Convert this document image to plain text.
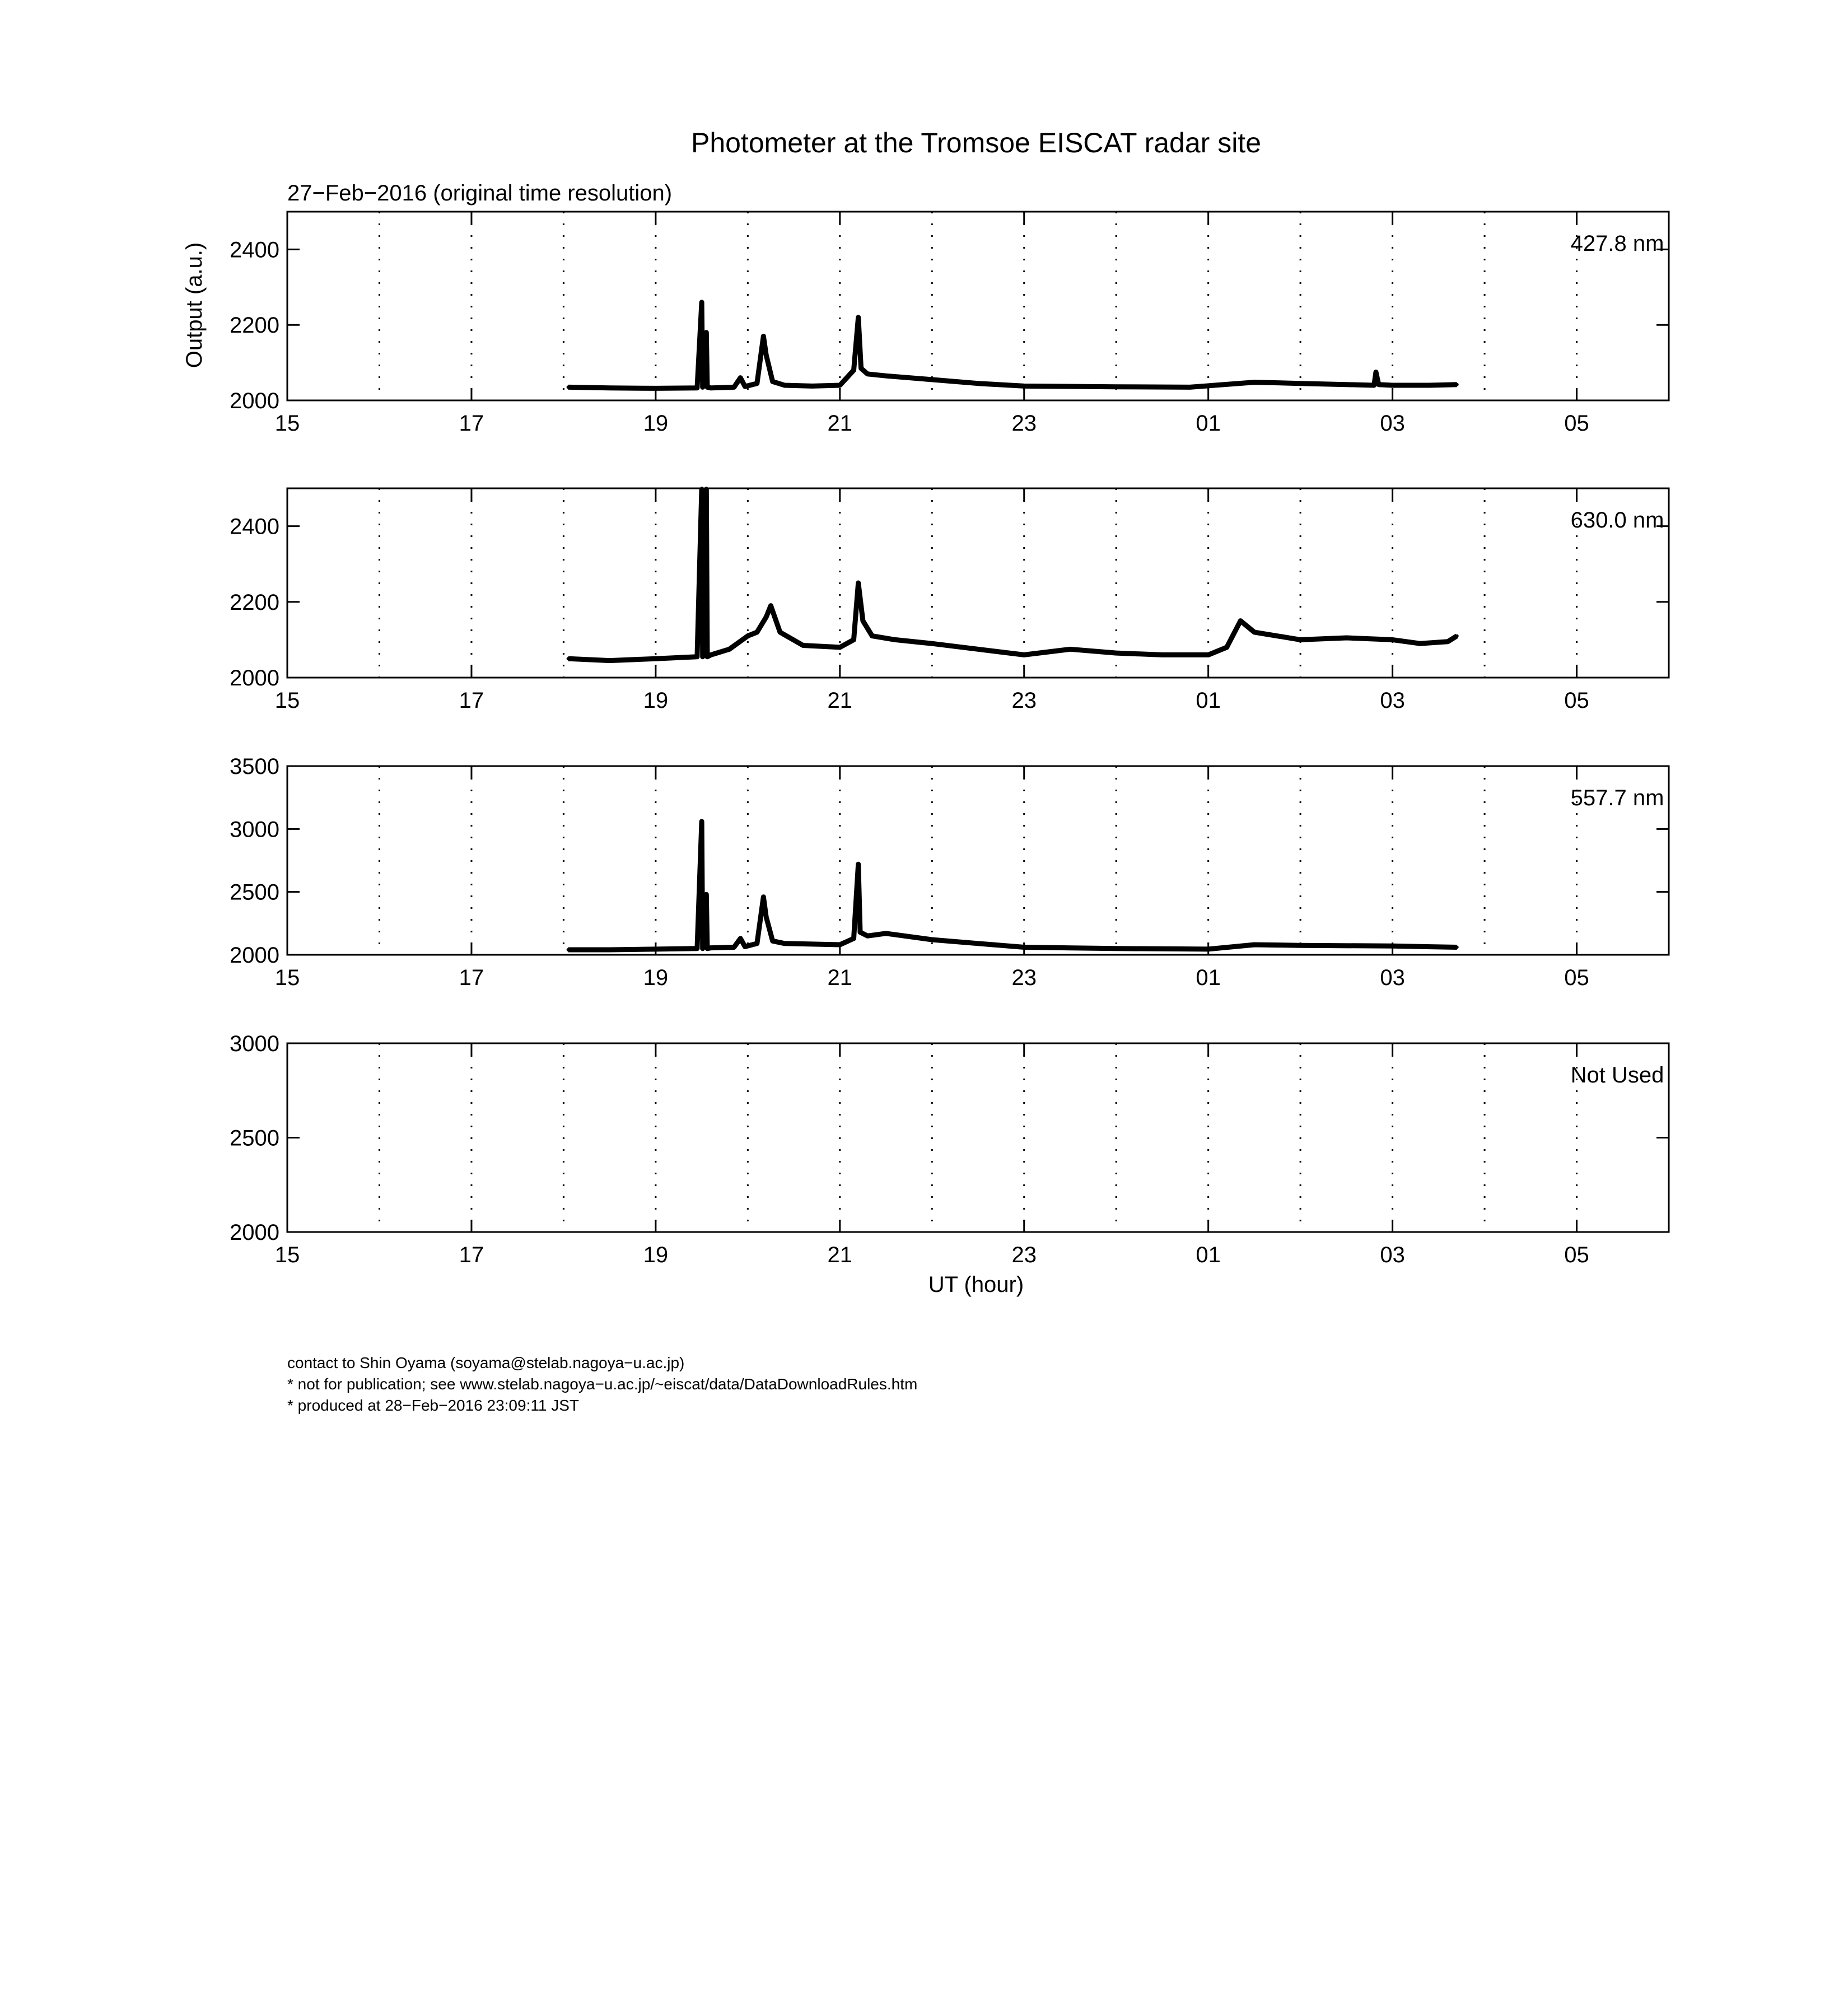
Photometer at the Tromsoe EISCAT radar site
27−Feb−2016 (original time resolution)
Output (a.u.)
UT (hour)
2000
2200
2400
15	17	19	21	23	01	03	05
427.8 nm
2000
2200
2400
15	17	19	21	23	01	03	05
630.0 nm
2000
2500
3000
3500
15	17	19	21	23	01	03	05
557.7 nm
2000
2500
3000
15	17	19	21	23	01	03	05
Not Used
contact to Shin Oyama (soyama@stelab.nagoya−u.ac.jp)
* not for publication; see www.stelab.nagoya−u.ac.jp/~eiscat/data/DataDownloadRules.htm
* produced at 28−Feb−2016 23:09:11 JST
